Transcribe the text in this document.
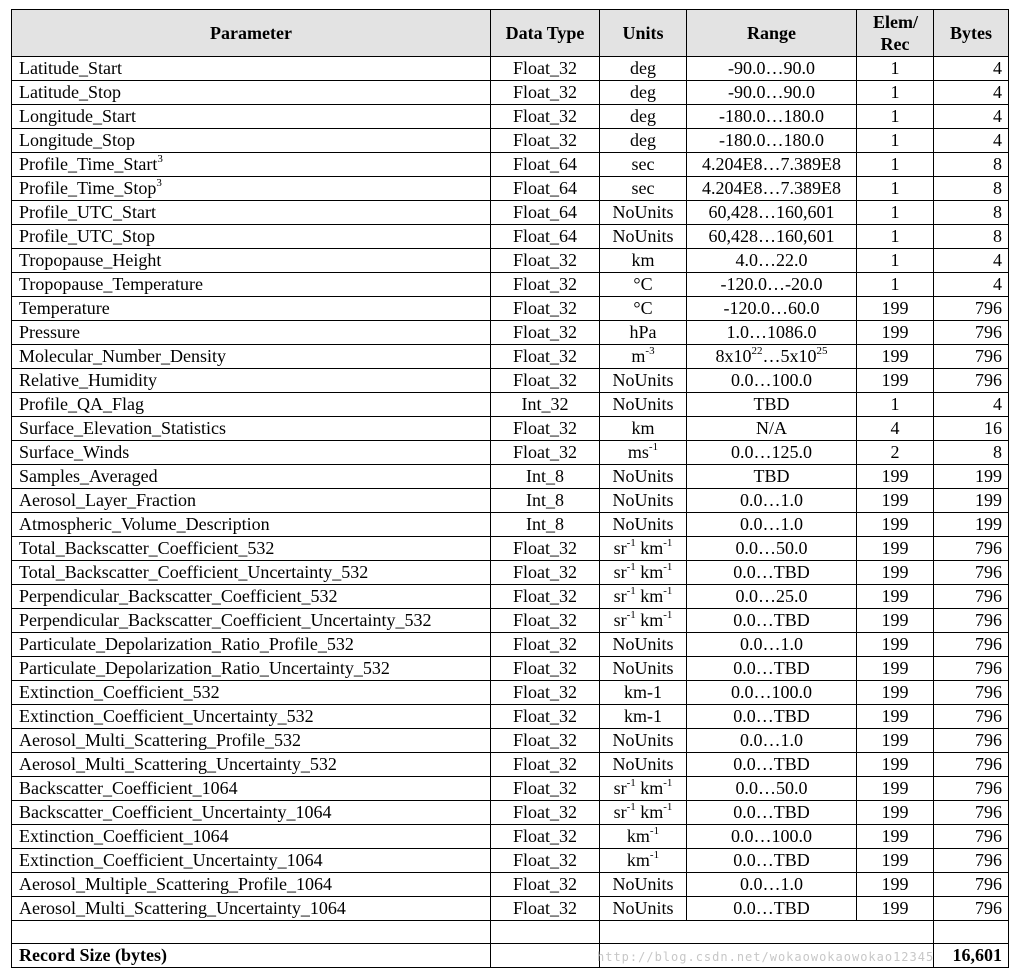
Parameter	Data Type	Units	Range	Elem/ Rec	Bytes
Latitude_Start	Float_32	deg	-90.0…90.0	1	4
Latitude_Stop	Float_32	deg	-90.0…90.0	1	4
Longitude_Start	Float_32	deg	-180.0…180.0	1	4
Longitude_Stop	Float_32	deg	-180.0…180.0	1	4
Profile_Time_Start$^3$	Float_64	sec	4.204E8…7.389E8	1	8
Profile_Time_Stop$^3$	Float_64	sec	4.204E8…7.389E8	1	8
Profile_UTC_Start	Float_64	NoUnits	60,428…160,601	1	8
Profile_UTC_Stop	Float_64	NoUnits	60,428…160,601	1	8
Tropopause_Height	Float_32	km	4.0…22.0	1	4
Tropopause_Temperature	Float_32	°C	-120.0…-20.0	1	4
Temperature	Float_32	°C	-120.0…60.0	199	796
Pressure	Float_32	hPa	1.0…1086.0	199	796
Molecular_Number_Density	Float_32	$m^{-3}$	$8x10^{22}\dots 5x10^{25}$	199	796
Relative_Humidity	Float_32	NoUnits	0.0…100.0	199	796
Profile_QA_Flag	Int_32	NoUnits	TBD	1	4
Surface_Elevation_Statistics	Float_32	km	N/A	4	16
Surface_Winds	Float_32	$ms^{-1}$	0.0…125.0	2	8
Samples_Averaged	Int_8	NoUnits	TBD	199	199
Aerosol_Layer_Fraction	Int_8	NoUnits	0.0…1.0	199	199
Atmospheric_Volume_Description	Int_8	NoUnits	0.0…1.0	199	199
Total_Backscatter_Coefficient_532	Float_32	$sr^{-1}$ $km^{-1}$	0.0…50.0	199	796
Total_Backscatter_Coefficient_Uncertainty_532	Float_32	$sr^{-1}$ $km^{-1}$	0.0…TBD	199	796
Perpendicular_Backscatter_Coefficient_532	Float_32	$sr^{-1}$ $km^{-1}$	0.0…25.0	199	796
Perpendicular_Backscatter_Coefficient_Uncertainty_532	Float_32	$sr^{-1}$ $km^{-1}$	0.0…TBD	199	796
Particulate_Depolarization_Ratio_Profile_532	Float_32	NoUnits	0.0…1.0	199	796
Particulate_Depolarization_Ratio_Uncertainty_532	Float_32	NoUnits	0.0…TBD	199	796
Extinction_Coefficient_532	Float_32	km-1	0.0…100.0	199	796
Extinction_Coefficient_Uncertainty_532	Float_32	km-1	0.0…TBD	199	796
Aerosol_Multi_Scattering_Profile_532	Float_32	NoUnits	0.0…1.0	199	796
Aerosol_Multi_Scattering_Uncertainty_532	Float_32	NoUnits	0.0…TBD	199	796
Backscatter_Coefficient_1064	Float_32	$sr^{-1}$ $km^{-1}$	0.0…50.0	199	796
Backscatter_Coefficient_Uncertainty_1064	Float_32	$sr^{-1}$ $km^{-1}$	0.0…TBD	199	796
Extinction_Coefficient_1064	Float_32	$km^{-1}$	0.0…100.0	199	796
Extinction_Coefficient_Uncertainty_1064	Float_32	$km^{-1}$	0.0…TBD	199	796
Aerosol_Multiple_Scattering_Profile_1064	Float_32	NoUnits	0.0…1.0	199	796
Aerosol_Multi_Scattering_Uncertainty_1064	Float_32	NoUnits	0.0…TBD	199	796

Record Size (bytes)					16,601
http://blog.csdn.net/wokaowokaowokao12345
